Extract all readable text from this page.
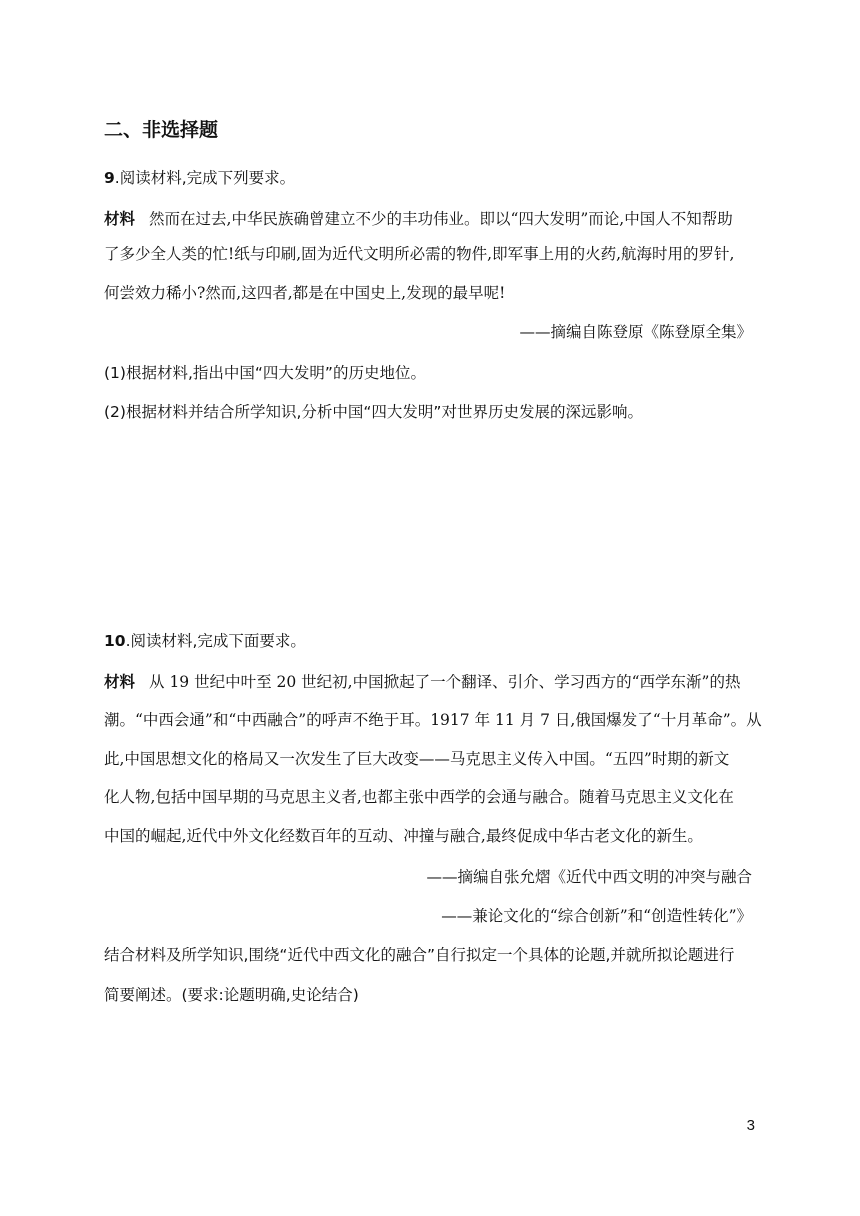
二、非选择题
9.阅读材料,完成下列要求。
材料 然而在过去,中华民族确曾建立不少的丰功伟业。即以“四大发明”而论,中国人不知帮助
了多少全人类的忙!纸与印刷,固为近代文明所必需的物件,即军事上用的火药,航海时用的罗针,
何尝效力稀小?然而,这四者,都是在中国史上,发现的最早呢!
——摘编自陈登原《陈登原全集》
(1)根据材料,指出中国“四大发明”的历史地位。
(2)根据材料并结合所学知识,分析中国“四大发明”对世界历史发展的深远影响。
10.阅读材料,完成下面要求。
材料 从 19 世纪中叶至 20 世纪初,中国掀起了一个翻译、引介、学习西方的“西学东渐”的热
潮。“中西会通”和“中西融合”的呼声不绝于耳。1917 年 11 月 7 日,俄国爆发了“十月革命”。从
此,中国思想文化的格局又一次发生了巨大改变——马克思主义传入中国。“五四”时期的新文
化人物,包括中国早期的马克思主义者,也都主张中西学的会通与融合。随着马克思主义文化在
中国的崛起,近代中外文化经数百年的互动、冲撞与融合,最终促成中华古老文化的新生。
——摘编自张允熠《近代中西文明的冲突与融合
——兼论文化的“综合创新”和“创造性转化”》
结合材料及所学知识,围绕“近代中西文化的融合”自行拟定一个具体的论题,并就所拟论题进行
简要阐述。(要求:论题明确,史论结合)
3
